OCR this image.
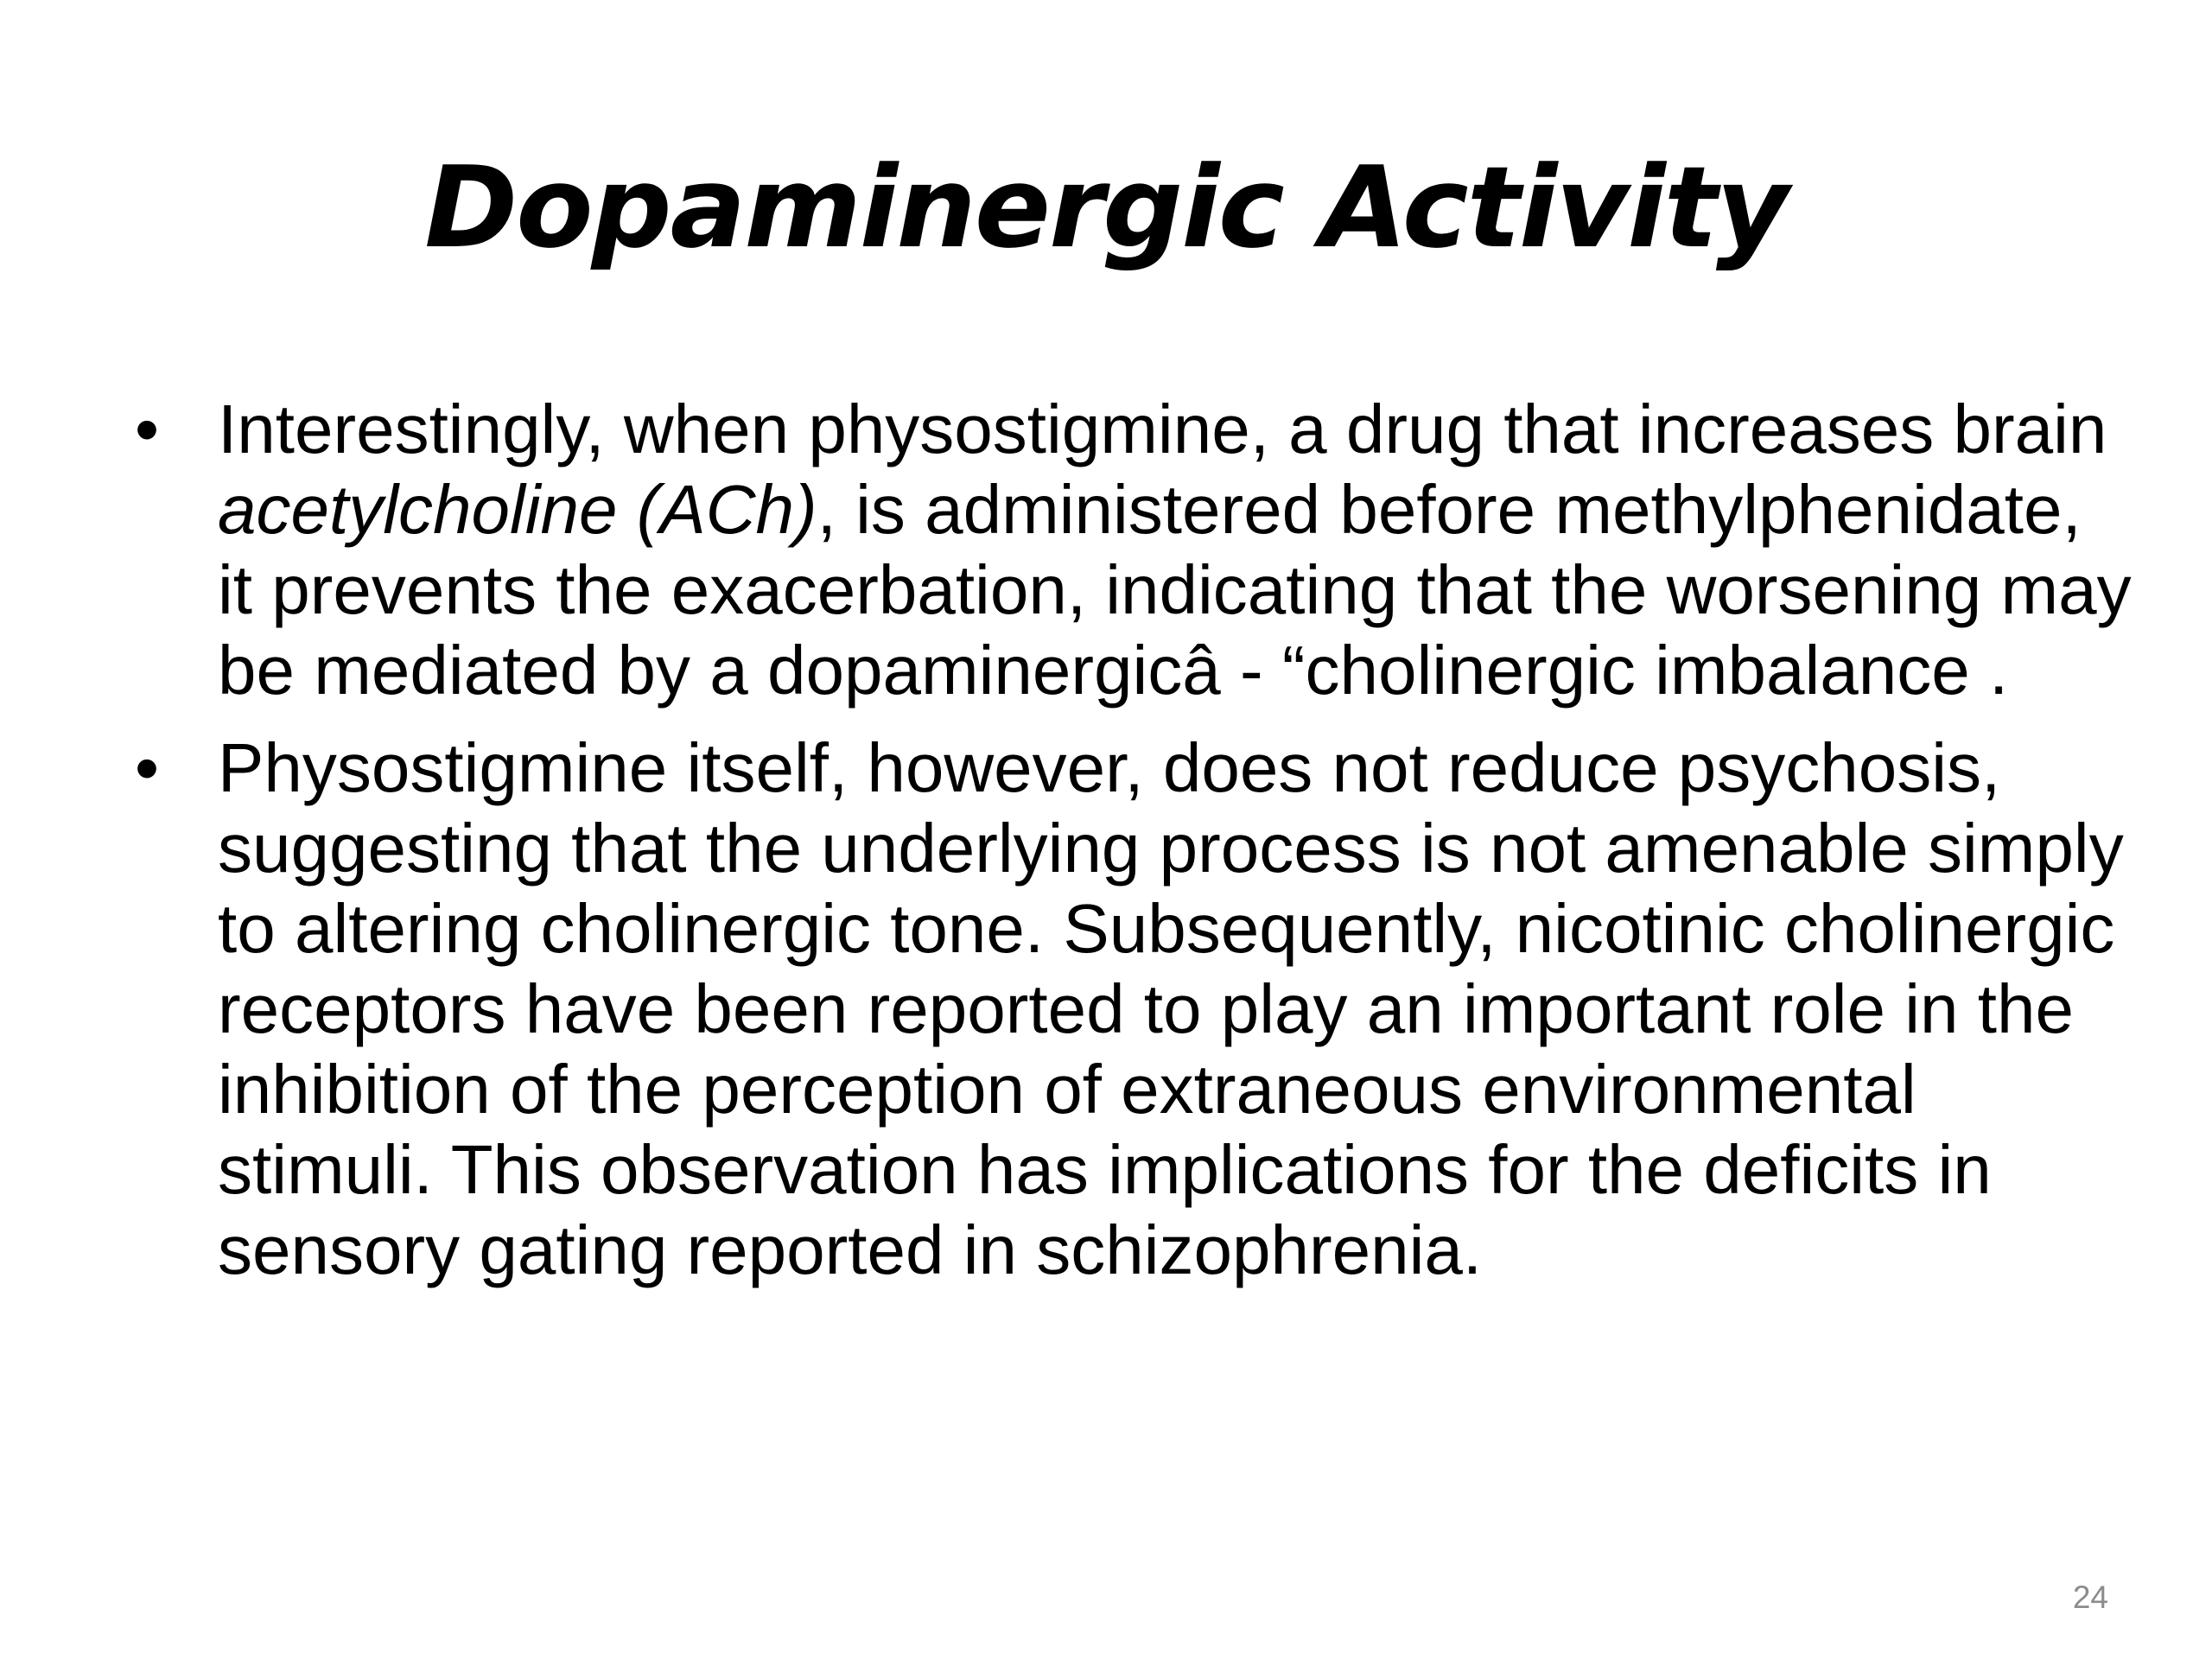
Dopaminergic Activity
• Interestingly, when physostigmine, a drug that increases brain acetylcholine (ACh), is administered before methylphenidate, it prevents the exacerbation, indicating that the worsening may be mediated by a dopaminergicâ - “cholinergic imbalance .
• Physostigmine itself, however, does not reduce psychosis, suggesting that the underlying process is not amenable simply to altering cholinergic tone. Subsequently, nicotinic cholinergic receptors have been reported to play an important role in the inhibition of the perception of extraneous environmental stimuli. This observation has implications for the deficits in sensory gating reported in schizophrenia.
24
